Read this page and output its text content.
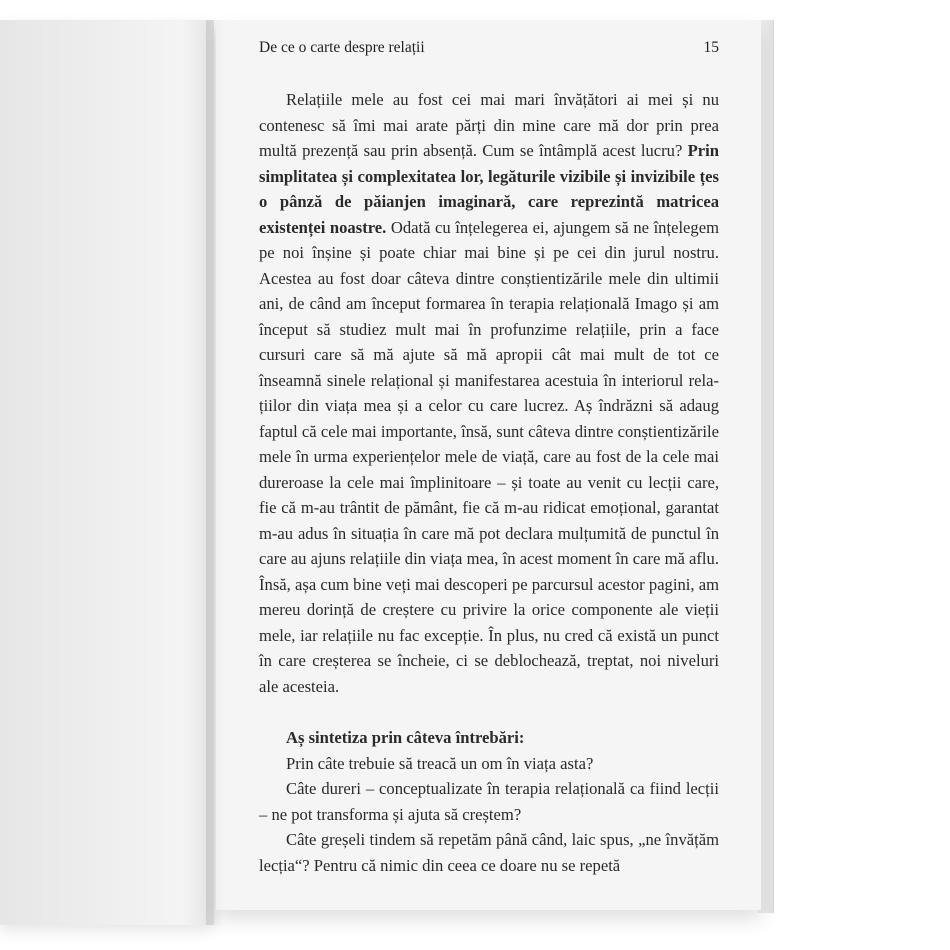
De ce o carte despre relații	15

Relațiile mele au fost cei mai mari învățători ai mei și nu contenesc să îmi mai arate părți din mine care mă dor prin prea multă prezență sau prin absență. Cum se întâmplă acest lucru? Prin simplitatea și complexitatea lor, legăturile vizibile și invizibile țes o pânză de păianjen imaginară, care reprezintă matricea existenței noastre. Odată cu înțelegerea ei, ajungem să ne înțelegem pe noi înșine și poate chiar mai bine și pe cei din jurul nostru. Acestea au fost doar câteva dintre conștientizările mele din ultimii ani, de când am început formarea în terapia relațională Imago și am început să studiez mult mai în profunzime relațiile, prin a face cursuri care să mă ajute să mă apropii cât mai mult de tot ce înseamnă sinele relațional și manifestarea acestuia în interiorul relațiilor din viața mea și a celor cu care lucrez. Aș îndrăzni să adaug faptul că cele mai importante, însă, sunt câteva dintre conștientizările mele în urma experiențelor mele de viață, care au fost de la cele mai dureroase la cele mai împlinitoare – și toate au venit cu lecții care, fie că m-au trântit de pământ, fie că m-au ridicat emoțional, garantat m-au adus în situația în care mă pot declara mulțumită de punctul în care au ajuns relațiile din viața mea, în acest moment în care mă aflu. Însă, așa cum bine veți mai descoperi pe parcursul acestor pagini, am mereu dorință de creștere cu privire la orice componente ale vieții mele, iar relațiile nu fac excepție. În plus, nu cred că există un punct în care creșterea se încheie, ci se deblochează, treptat, noi niveluri ale acesteia.

Aș sintetiza prin câteva întrebări:

Prin câte trebuie să treacă un om în viața asta?

Câte dureri – conceptualizate în terapia relațională ca fiind lecții – ne pot transforma și ajuta să creștem?

Câte greșeli tindem să repetăm până când, laic spus, „ne învățăm lecția“? Pentru că nimic din ceea ce doare nu se repetă
